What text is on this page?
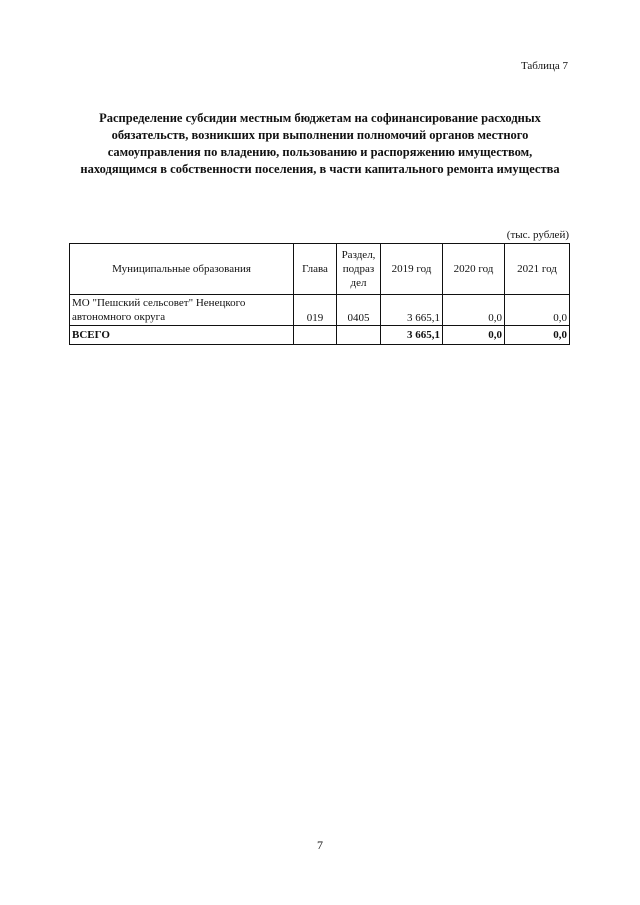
Таблица 7
Распределение субсидии местным бюджетам на софинансирование расходных обязательств, возникших при выполнении полномочий органов местного самоуправления по владению, пользованию и распоряжению имуществом, находящимся в собственности поселения, в части капитального ремонта имущества
(тыс. рублей)
Муниципальные образования	Глава	Раздел, подраз дел	2019 год	2020 год	2021 год
МО "Пешский сельсовет" Ненецкого автономного округа	019	0405	3 665,1	0,0	0,0
ВСЕГО			3 665,1	0,0	0,0
7
